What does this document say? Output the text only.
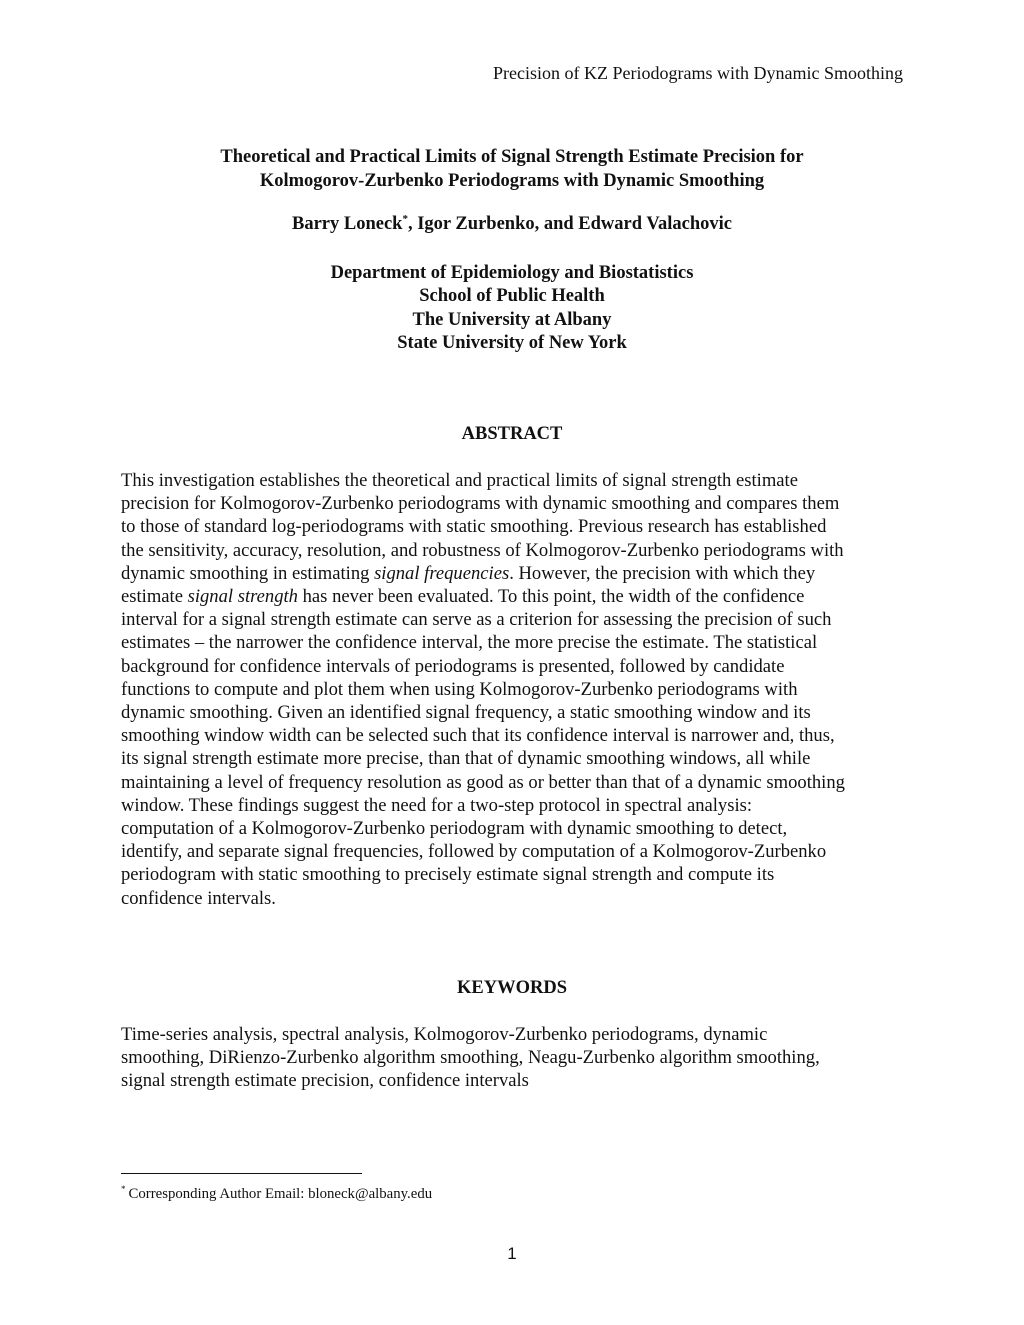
Precision of KZ Periodograms with Dynamic Smoothing
Theoretical and Practical Limits of Signal Strength Estimate Precision for
Kolmogorov-Zurbenko Periodograms with Dynamic Smoothing
Barry Loneck*, Igor Zurbenko, and Edward Valachovic
Department of Epidemiology and Biostatistics
School of Public Health
The University at Albany
State University of New York
ABSTRACT
This investigation establishes the theoretical and practical limits of signal strength estimate
precision for Kolmogorov-Zurbenko periodograms with dynamic smoothing and compares them
to those of standard log-periodograms with static smoothing. Previous research has established
the sensitivity, accuracy, resolution, and robustness of Kolmogorov-Zurbenko periodograms with
dynamic smoothing in estimating signal frequencies. However, the precision with which they
estimate signal strength has never been evaluated. To this point, the width of the confidence
interval for a signal strength estimate can serve as a criterion for assessing the precision of such
estimates – the narrower the confidence interval, the more precise the estimate. The statistical
background for confidence intervals of periodograms is presented, followed by candidate
functions to compute and plot them when using Kolmogorov-Zurbenko periodograms with
dynamic smoothing. Given an identified signal frequency, a static smoothing window and its
smoothing window width can be selected such that its confidence interval is narrower and, thus,
its signal strength estimate more precise, than that of dynamic smoothing windows, all while
maintaining a level of frequency resolution as good as or better than that of a dynamic smoothing
window. These findings suggest the need for a two-step protocol in spectral analysis:
computation of a Kolmogorov-Zurbenko periodogram with dynamic smoothing to detect,
identify, and separate signal frequencies, followed by computation of a Kolmogorov-Zurbenko
periodogram with static smoothing to precisely estimate signal strength and compute its
confidence intervals.
KEYWORDS
Time-series analysis, spectral analysis, Kolmogorov-Zurbenko periodograms, dynamic
smoothing, DiRienzo-Zurbenko algorithm smoothing, Neagu-Zurbenko algorithm smoothing,
signal strength estimate precision, confidence intervals
* Corresponding Author Email: bloneck@albany.edu
1
